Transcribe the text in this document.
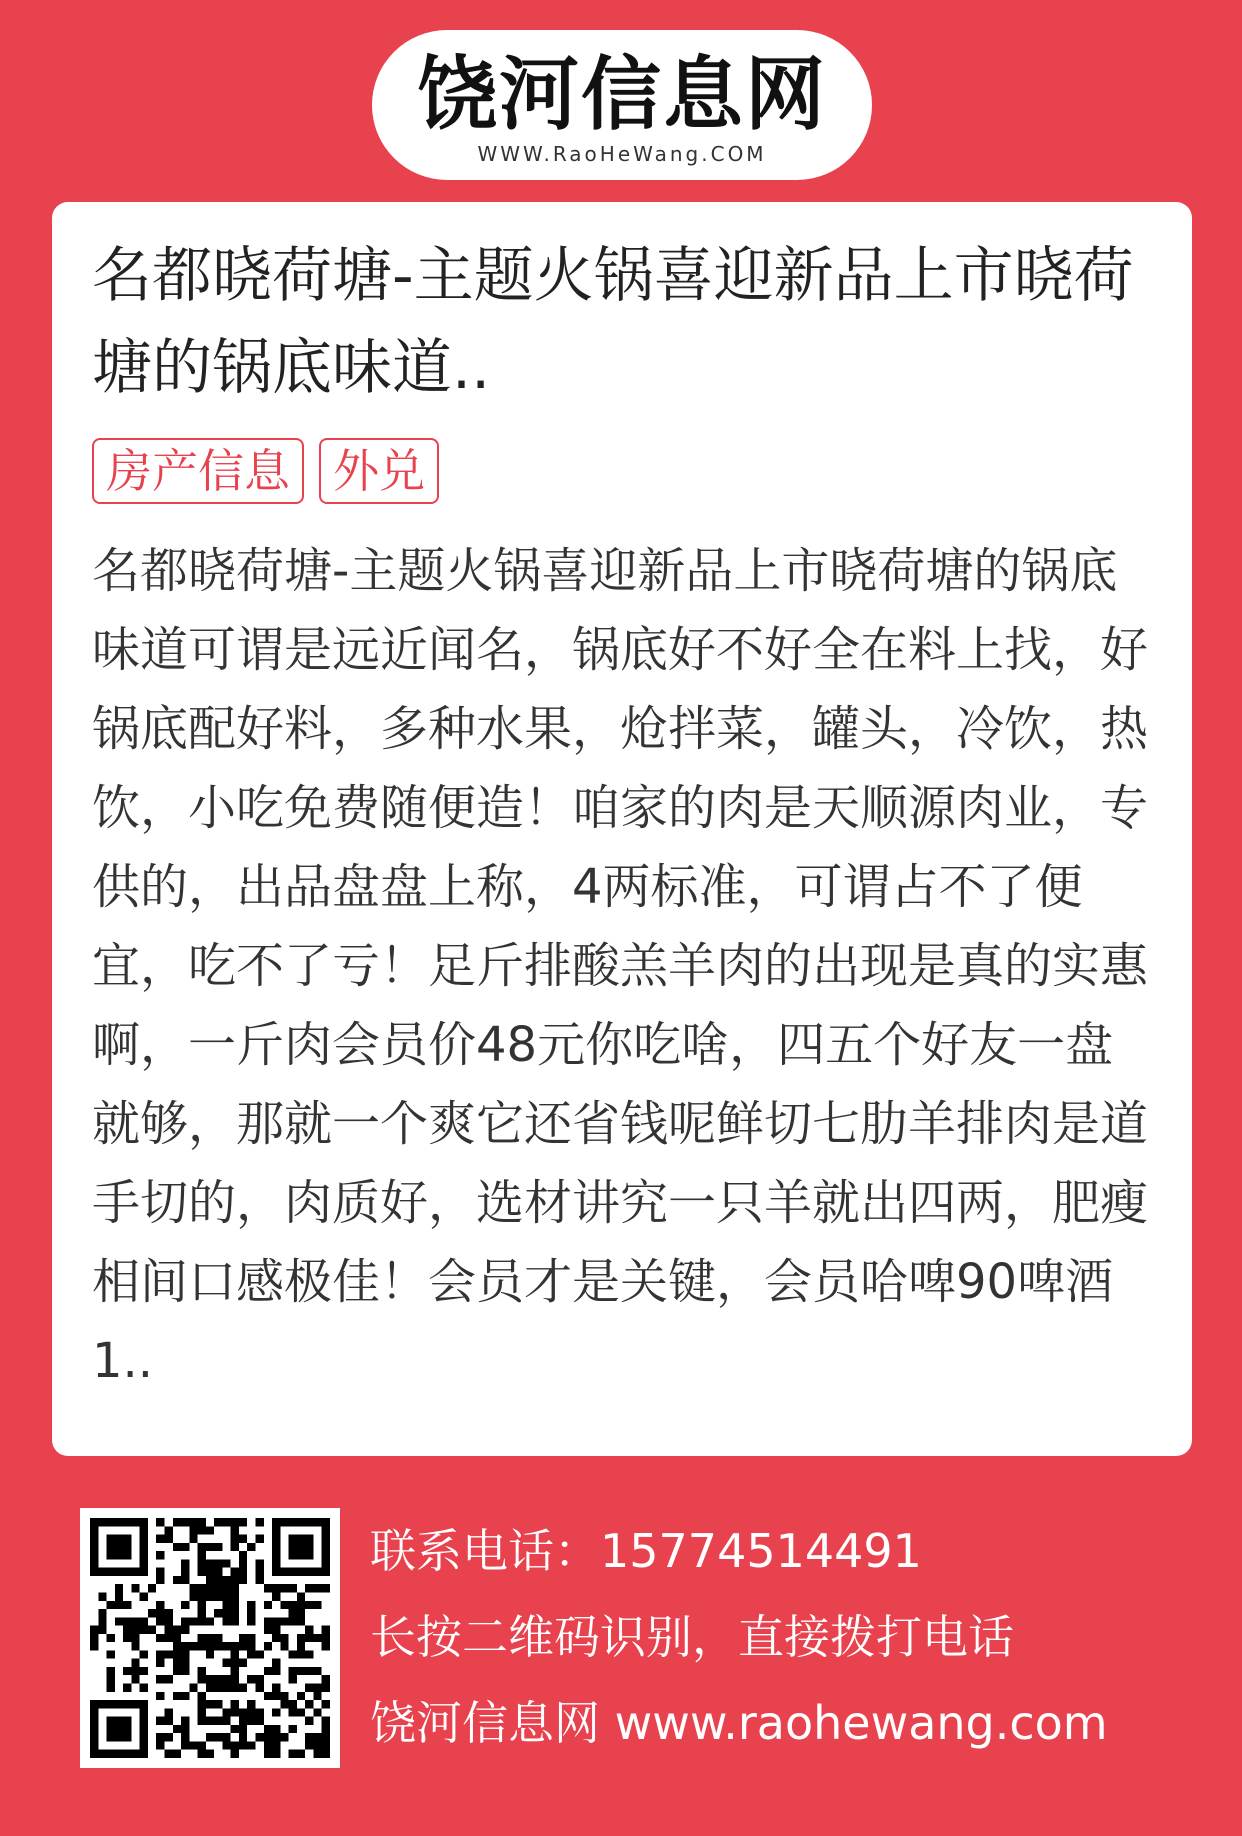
饶河信息网
WWW.RaoHeWang.COM
名都晓荷塘-主题火锅喜迎新品上市晓荷塘的锅底味道..
房产信息 外兑
名都晓荷塘-主题火锅喜迎新品上市晓荷塘的锅底味道可谓是远近闻名，锅底好不好全在料上找，好锅底配好料，多种水果，炝拌菜，罐头，冷饮，热饮，小吃免费随便造！咱家的肉是天顺源肉业，专供的，出品盘盘上称，4两标准，可谓占不了便宜，吃不了亏！足斤排酸羔羊肉的出现是真的实惠啊，一斤肉会员价48元你吃啥，四五个好友一盘就够，那就一个爽它还省钱呢鲜切七肋羊排肉是道手切的，肉质好，选材讲究一只羊就出四两，肥瘦相间口感极佳！会员才是关键，会员哈啤90啤酒1..
联系电话：15774514491
长按二维码识别，直接拨打电话
饶河信息网 www.raohewang.com
